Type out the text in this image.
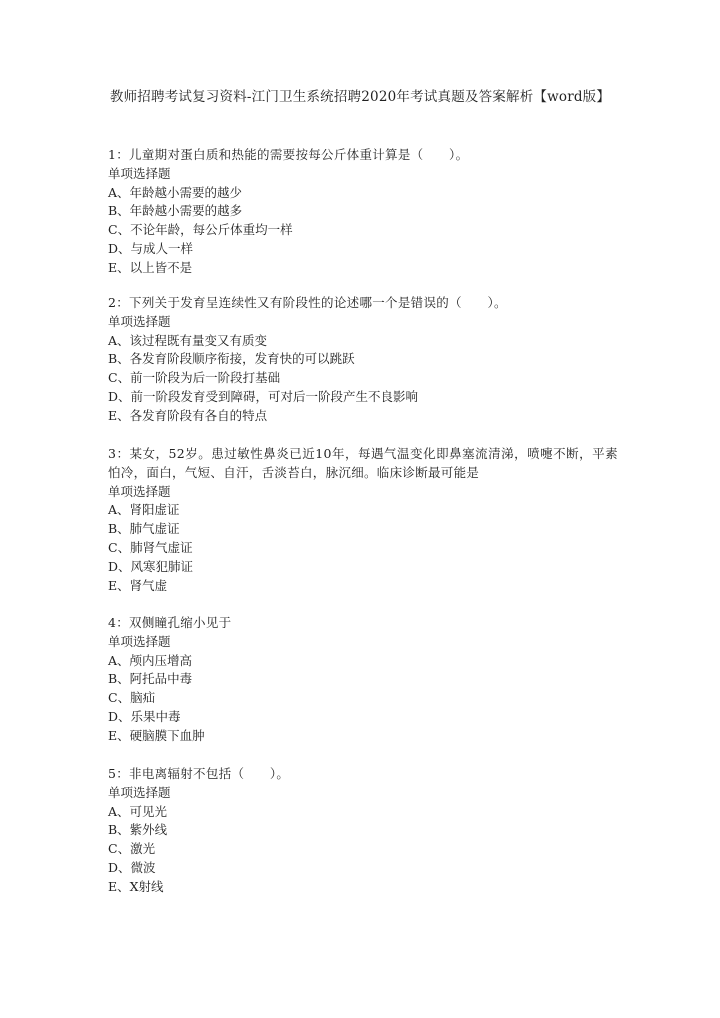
教师招聘考试复习资料-江门卫生系统招聘2020年考试真题及答案解析【word版】
1：儿童期对蛋白质和热能的需要按每公斤体重计算是（　　）。
单项选择题
A、年龄越小需要的越少
B、年龄越小需要的越多
C、不论年龄，每公斤体重均一样
D、与成人一样
E、以上皆不是
2：下列关于发育呈连续性又有阶段性的论述哪一个是错误的（　　）。
单项选择题
A、该过程既有量变又有质变
B、各发育阶段顺序衔接，发育快的可以跳跃
C、前一阶段为后一阶段打基础
D、前一阶段发育受到障碍，可对后一阶段产生不良影响
E、各发育阶段有各自的特点
3：某女，52岁。患过敏性鼻炎已近10年，每遇气温变化即鼻塞流清涕，喷嚏不断，平素怕冷，面白，气短、自汗，舌淡苔白，脉沉细。临床诊断最可能是
单项选择题
A、肾阳虚证
B、肺气虚证
C、肺肾气虚证
D、风寒犯肺证
E、肾气虚
4：双侧瞳孔缩小见于
单项选择题
A、颅内压增高
B、阿托品中毒
C、脑疝
D、乐果中毒
E、硬脑膜下血肿
5：非电离辐射不包括（　　）。
单项选择题
A、可见光
B、紫外线
C、激光
D、微波
E、X射线
